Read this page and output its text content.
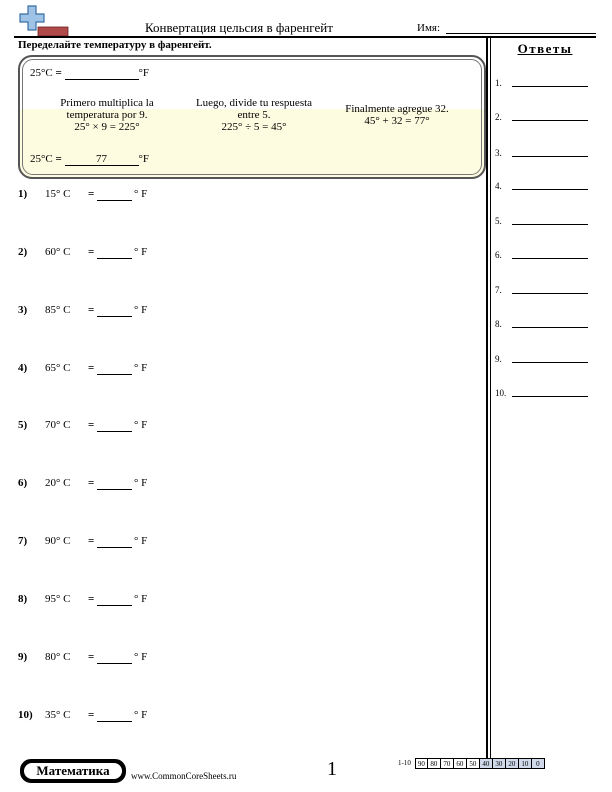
Конвертация цельсия в фаренгейт	Имя:
Переделайте температуру в фаренгейт.
25°C =	°F
Primero multiplica la temperatura por 9.
25° × 9 = 225°
Luego, divide tu respuesta entre 5.
225° ÷ 5 = 45°
Finalmente agregue 32.
45° + 32 = 77°
25°C =	77	°F
1)	15° C =	° F
2)	60° C =	° F
3)	85° C =	° F
4)	65° C =	° F
5)	70° C =	° F
6)	20° C =	° F
7)	90° C =	° F
8)	95° C =	° F
9)	80° C =	° F
10)	35° C =	° F
Ответы
1.
2.
3.
4.
5.
6.
7.
8.
9.
10.
Математика	www.CommonCoreSheets.ru	1	1-10	90 80 70 60 50 40 30 20 10	0
